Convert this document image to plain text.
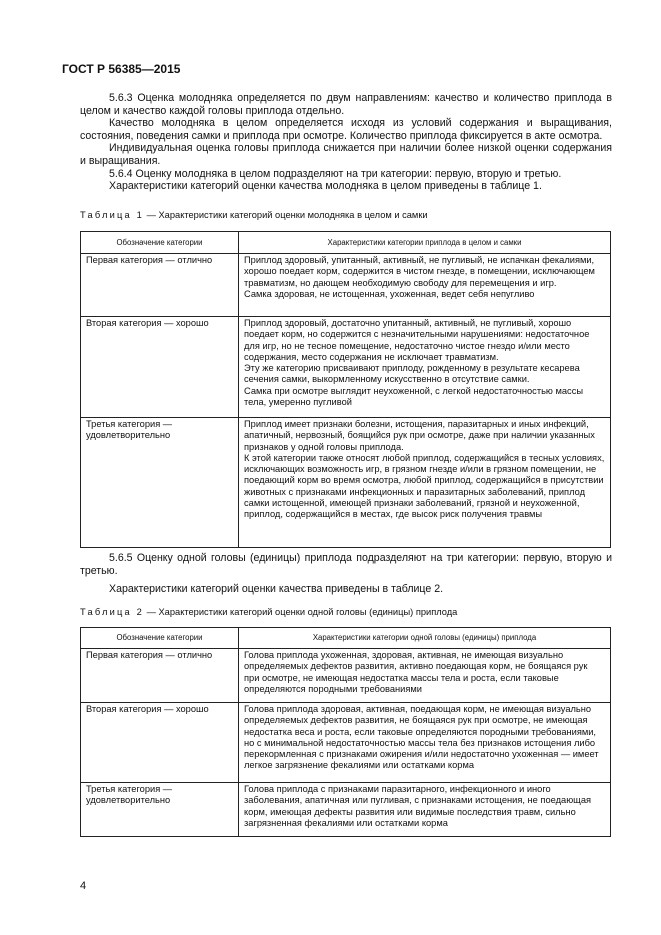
ГОСТ Р 56385—2015

5.6.3 Оценка молодняка определяется по двум направлениям: качество и количество приплода в целом и качество каждой головы приплода отдельно.

Качество молодняка в целом определяется исходя из условий содержания и выращивания, состояния, поведения самки и приплода при осмотре. Количество приплода фиксируется в акте осмотра.

Индивидуальная оценка головы приплода снижается при наличии более низкой оценки содержания и выращивания.

5.6.4 Оценку молодняка в целом подразделяют на три категории: первую, вторую и третью.

Характеристики категорий оценки качества молодняка в целом приведены в таблице 1.

Таблица 1 — Характеристики категорий оценки молодняка в целом и самки
Обозначение категории	Характеристики категории приплода в целом и самки
Первая категория — отлично	Приплод здоровый, упитанный, активный, не пугливый, не испачкан фекалиями, хорошо поедает корм, содержится в чистом гнезде, в помещении, исключающем травматизм, но дающем необходимую свободу для перемещения и игр.
Самка здоровая, не истощенная, ухоженная, ведет себя непугливо

Вторая категория — хорошо	Приплод здоровый, достаточно упитанный, активный, не пугливый, хорошо поедает корм, но содержится с незначительными нарушениями: недостаточное для игр, но не тесное помещение, недостаточно чистое гнездо и/или место содержания, место содержания не исключает травматизм.
Эту же категорию присваивают приплоду, рожденному в результате кесарева сечения самки, выкормленному искусственно в отсутствие самки.
Самка при осмотре выглядит неухоженной, с легкой недостаточностью массы тела, умеренно пугливой

Третья категория — удовлетворительно	Приплод имеет признаки болезни, истощения, паразитарных и иных инфекций, апатичный, нервозный, боящийся рук при осмотре, даже при наличии указанных признаков у одной головы приплода.
К этой категории также относят любой приплод, содержащийся в тесных условиях, исключающих возможность игр, в грязном гнезде и/или в грязном помещении, не поедающий корм во время осмотра, любой приплод, содержащийся в присутствии животных с признаками инфекционных и паразитарных заболеваний, приплод самки истощенной, имеющей признаки заболеваний, грязной и неухоженной, приплод, содержащийся в местах, где высок риск получения травмы

5.6.5 Оценку одной головы (единицы) приплода подразделяют на три категории: первую, вторую и третью.

Характеристики категорий оценки качества приведены в таблице 2.

Таблица 2 — Характеристики категорий оценки одной головы (единицы) приплода
Обозначение категории	Характеристики категории одной головы (единицы) приплода
Первая категория — отлично	Голова приплода ухоженная, здоровая, активная, не имеющая визуально определяемых дефектов развития, активно поедающая корм, не боящаяся рук при осмотре, не имеющая недостатка массы тела и роста, если таковые определяются породными требованиями
Вторая категория — хорошо	Голова приплода здоровая, активная, поедающая корм, не имеющая визуально определяемых дефектов развития, не боящаяся рук при осмотре, не имеющая недостатка веса и роста, если таковые определяются породными требованиями, но с минимальной недостаточностью массы тела без признаков истощения либо перекормленная с признаками ожирения и/или недостаточно ухоженная — имеет легкое загрязнение фекалиями или остатками корма
Третья категория — удовлетворительно	Голова приплода с признаками паразитарного, инфекционного и иного заболевания, апатичная или пугливая, с признаками истощения, не поедающая корм, имеющая дефекты развития или видимые последствия травм, сильно загрязненная фекалиями или остатками корма
4
